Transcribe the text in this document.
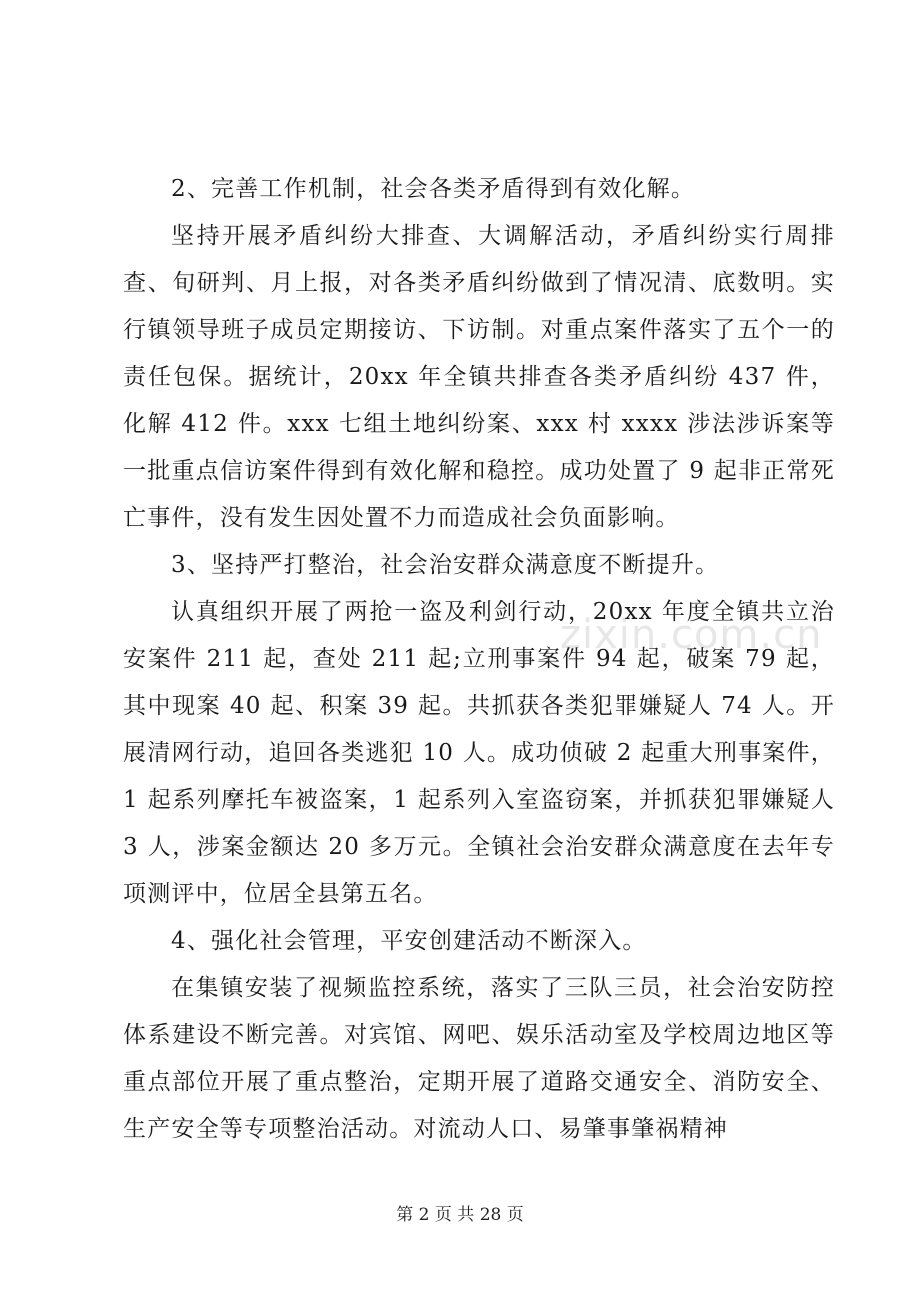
2、完善工作机制，社会各类矛盾得到有效化解。

坚持开展矛盾纠纷大排查、大调解活动，矛盾纠纷实行周排查、旬研判、月上报，对各类矛盾纠纷做到了情况清、底数明。实行镇领导班子成员定期接访、下访制。对重点案件落实了五个一的责任包保。据统计，20xx 年全镇共排查各类矛盾纠纷 437 件，化解 412 件。xxx 七组土地纠纷案、xxx 村 xxxx 涉法涉诉案等一批重点信访案件得到有效化解和稳控。成功处置了 9 起非正常死亡事件，没有发生因处置不力而造成社会负面影响。

3、坚持严打整治，社会治安群众满意度不断提升。

认真组织开展了两抢一盗及利剑行动，20xx 年度全镇共立治安案件 211 起，查处 211 起;立刑事案件 94 起，破案 79 起，其中现案 40 起、积案 39 起。共抓获各类犯罪嫌疑人 74 人。开展清网行动，追回各类逃犯 10 人。成功侦破 2 起重大刑事案件，1 起系列摩托车被盗案，1 起系列入室盗窃案，并抓获犯罪嫌疑人 3 人，涉案金额达 20 多万元。全镇社会治安群众满意度在去年专项测评中，位居全县第五名。

4、强化社会管理，平安创建活动不断深入。

在集镇安装了视频监控系统，落实了三队三员，社会治安防控体系建设不断完善。对宾馆、网吧、娱乐活动室及学校周边地区等重点部位开展了重点整治，定期开展了道路交通安全、消防安全、生产安全等专项整治活动。对流动人口、易肇事肇祸精神

zixin.com.cn
第 2 页 共 28 页
